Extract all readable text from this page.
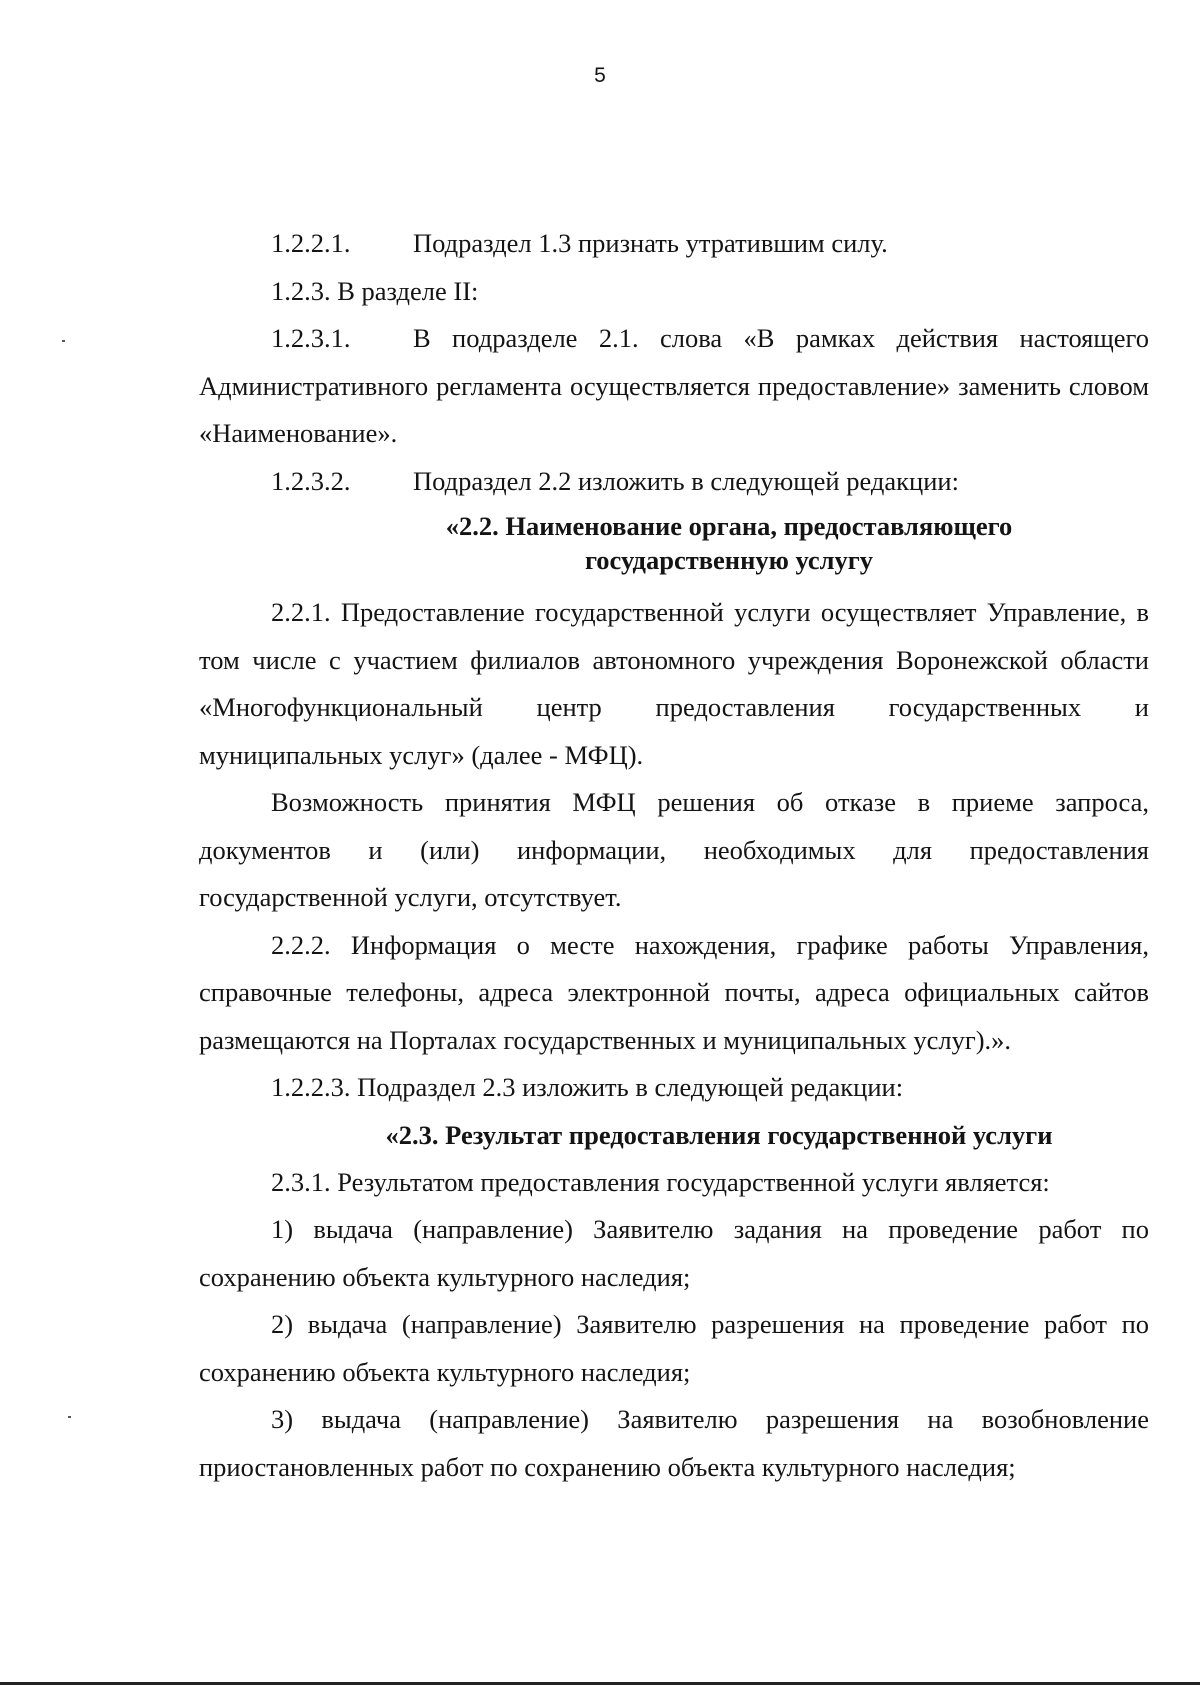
5

1.2.2.1. Подраздел 1.3 признать утратившим силу.

1.2.3. В разделе II:

1.2.3.1. В подразделе 2.1. слова «В рамках действия настоящего Административного регламента осуществляется предоставление» заменить словом «Наименование».

1.2.3.2. Подраздел 2.2 изложить в следующей редакции:

«2.2. Наименование органа, предоставляющего
государственную услугу

2.2.1. Предоставление государственной услуги осуществляет Управление, в том числе с участием филиалов автономного учреждения Воронежской области «Многофункциональный центр предоставления государственных и муниципальных услуг» (далее - МФЦ).

Возможность принятия МФЦ решения об отказе в приеме запроса, документов и (или) информации, необходимых для предоставления государственной услуги, отсутствует.

2.2.2. Информация о месте нахождения, графике работы Управления, справочные телефоны, адреса электронной почты, адреса официальных сайтов размещаются на Порталах государственных и муниципальных услуг).».

1.2.2.3. Подраздел 2.3 изложить в следующей редакции:

«2.3. Результат предоставления государственной услуги

2.3.1. Результатом предоставления государственной услуги является:

1) выдача (направление) Заявителю задания на проведение работ по сохранению объекта культурного наследия;

2) выдача (направление) Заявителю разрешения на проведение работ по сохранению объекта культурного наследия;

3) выдача (направление) Заявителю разрешения на возобновление приостановленных работ по сохранению объекта культурного наследия;
